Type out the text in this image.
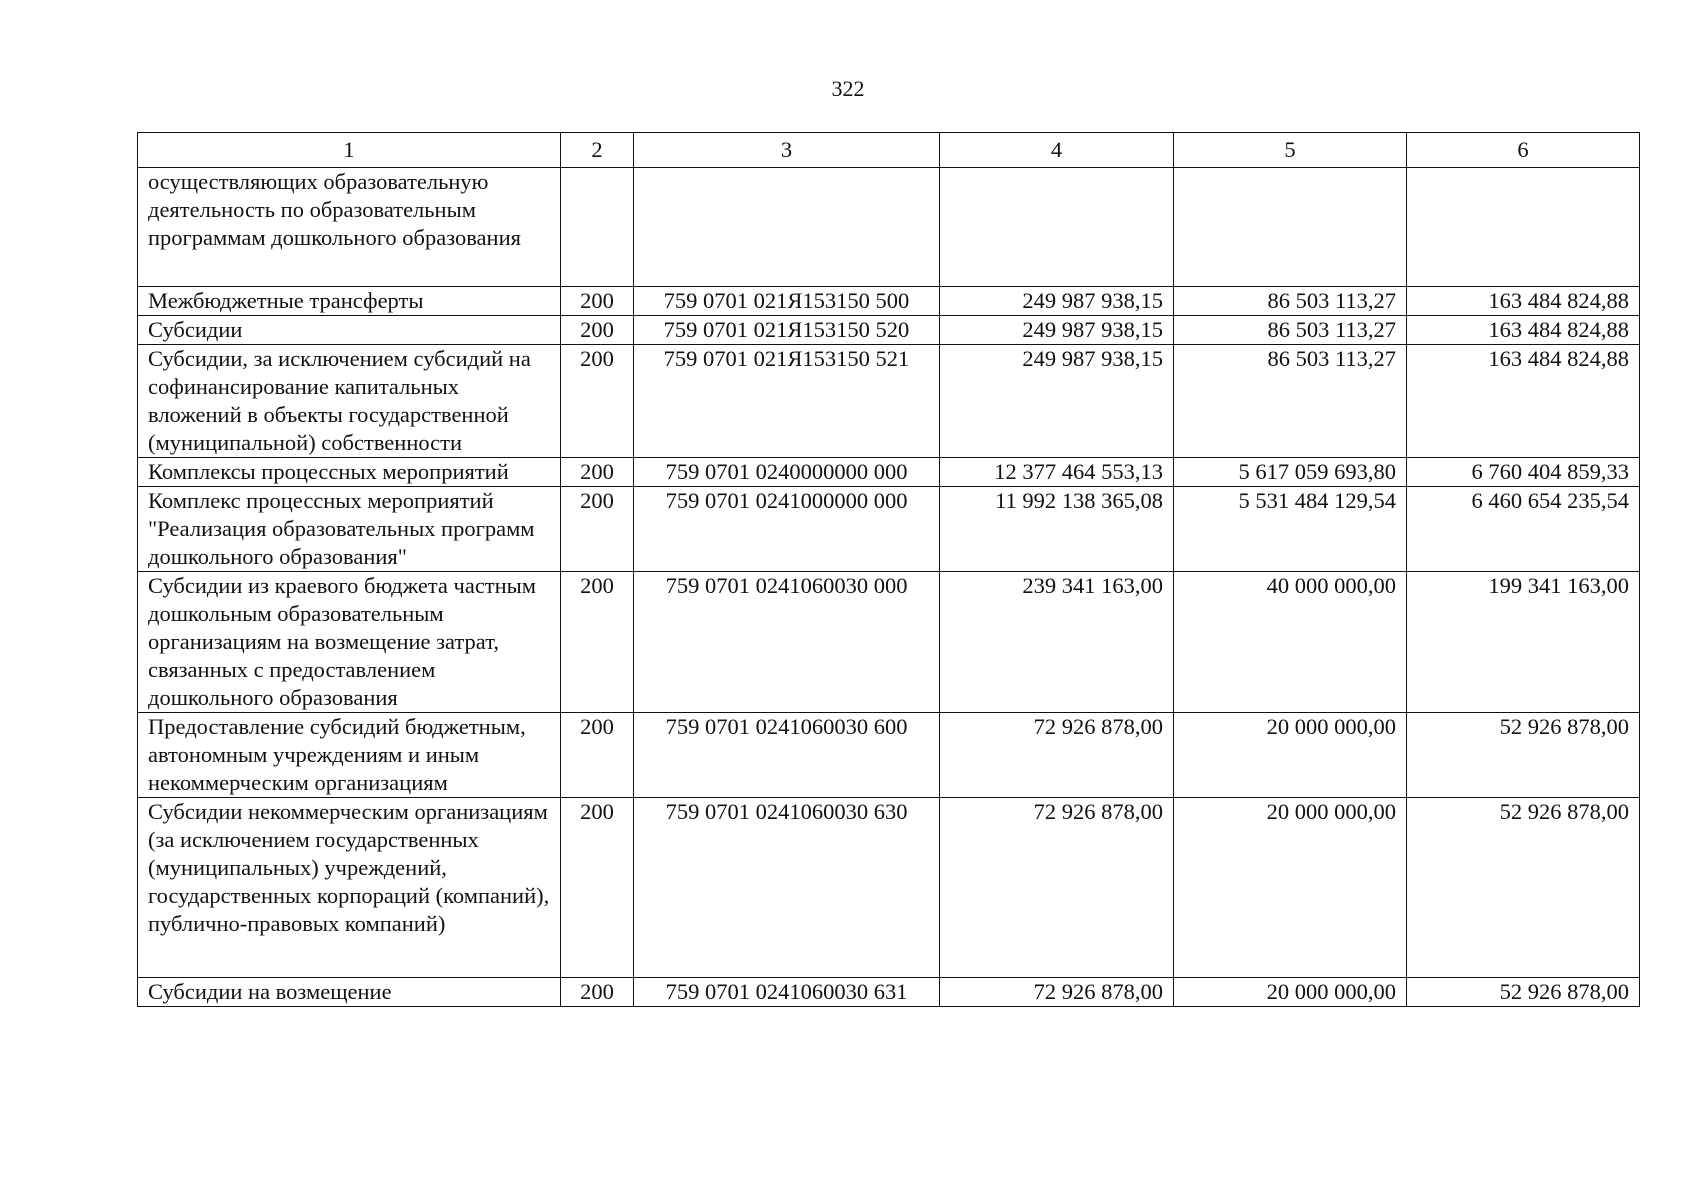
322
1	2	3	4	5	6
осуществляющих образовательную деятельность по образовательным программам дошкольного образования					
Межбюджетные трансферты	200	759 0701 021Я153150 500	249 987 938,15	86 503 113,27	163 484 824,88
Субсидии	200	759 0701 021Я153150 520	249 987 938,15	86 503 113,27	163 484 824,88
Субсидии, за исключением субсидий на софинансирование капитальных вложений в объекты государственной (муниципальной) собственности	200	759 0701 021Я153150 521	249 987 938,15	86 503 113,27	163 484 824,88
Комплексы процессных мероприятий	200	759 0701 0240000000 000	12 377 464 553,13	5 617 059 693,80	6 760 404 859,33
Комплекс процессных мероприятий "Реализация образовательных программ дошкольного образования"	200	759 0701 0241000000 000	11 992 138 365,08	5 531 484 129,54	6 460 654 235,54
Субсидии из краевого бюджета частным дошкольным образовательным организациям на возмещение затрат, связанных с предоставлением дошкольного образования	200	759 0701 0241060030 000	239 341 163,00	40 000 000,00	199 341 163,00
Предоставление субсидий бюджетным, автономным учреждениям и иным некоммерческим организациям	200	759 0701 0241060030 600	72 926 878,00	20 000 000,00	52 926 878,00
Субсидии некоммерческим организациям (за исключением государственных (муниципальных) учреждений, государственных корпораций (компаний), публично-правовых компаний)	200	759 0701 0241060030 630	72 926 878,00	20 000 000,00	52 926 878,00
Субсидии на возмещение	200	759 0701 0241060030 631	72 926 878,00	20 000 000,00	52 926 878,00
